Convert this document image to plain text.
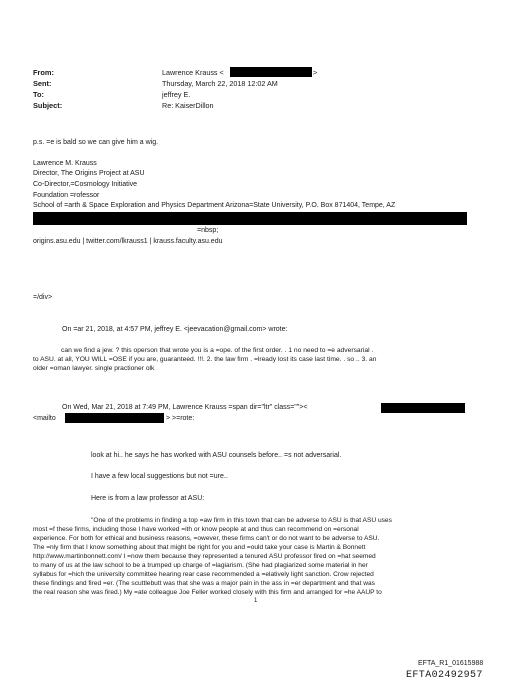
From:	Lawrence Krauss <	>
Sent:	Thursday, March 22, 2018 12:02 AM
To:	jeffrey E.
Subject:	Re: KaiserDillon
p.s. =e is bald so we can give him a wig.
Lawrence M. Krauss
Director, The Origins Project at ASU
Co-Director,=Cosmology Initiative
Foundation =rofessor
School of =arth & Space Exploration and Physics Department Arizona=State University, P.O. Box 871404, Tempe, AZ
=nbsp;
origins.asu.edu | twitter.com/lkrauss1 | krauss.faculty.asu.edu
=/div>
On =ar 21, 2018, at 4:57 PM, jeffrey E. <jeevacation@gmail.com> wrote:
can we find a jew. ? this operson that wrote you is a =ope. of the first order. . 1 no need to =e adversarial .
to ASU. at all, YOU WILL =OSE if you are, guaranteed. !!!. 2. the law firm . =lready lost its case last time. . so .. 3. an
older =oman lawyer. single practioner olk
On Wed, Mar 21, 2018 at 7:49 PM, Lawrence Krauss =span dir="ltr" class=""><
<mailto	> >=rote:
look at hi.. he says he has worked with ASU counsels before.. =s not adversarial.
I have a few local suggestions but not =ure..
Here is from a law professor at ASU:
"One of the problems in finding a top =aw firm in this town that can be adverse to ASU is that ASU uses
most =f these firms, including those I have worked =ith or know people at and thus can recommend on =ersonal
experience. For both for ethical and business reasons, =owever, these firms can't or do not want to be adverse to ASU.
The =nly firm that I know something about that might be right for you and =ould take your case is Martin & Bonnett
http://www.martinbonnett.com/ I =now them because they represented a tenured ASU professor fired on =hat seemed
to many of us at the law school to be a trumped up charge of =lagiarism. (She had plagiarized some material in her
syllabus for =hich the university committee hearing rear case recommended a =elatively light sanction. Crow rejected
these findings and fired =er. (The scuttlebutt was that she was a major pain in the ass in =er department and that was
the real reason she was fired.) My =ate colleague Joe Feller worked closely with this firm and arranged for =he AAUP to
1
EFTA_R1_01615988
EFTA02492957
